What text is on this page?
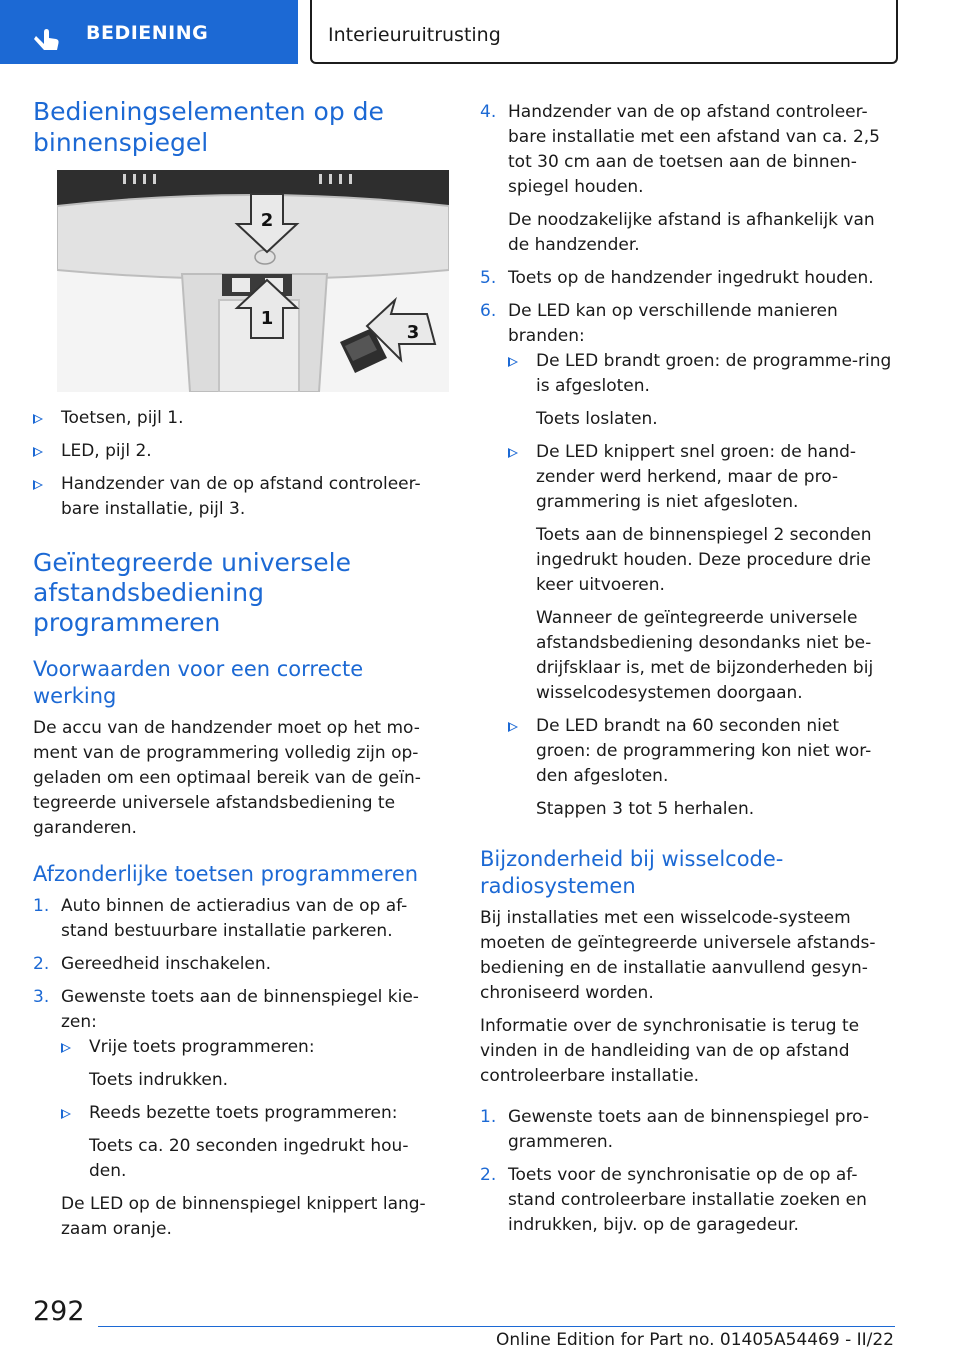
BEDIENING	Interieuruitrusting
Bedieningselementen op de binnenspiegel
2
1
3
Toetsen, pijl 1.
LED, pijl 2.
Handzender van de op afstand controleer-bare installatie, pijl 3.
Geïntegreerde universele afstandsbediening programmeren
Voorwaarden voor een correcte werking

De accu van de handzender moet op het mo-ment van de programmering volledig zijn op-geladen om een optimaal bereik van de geïn-tegreerde universele afstandsbediening te garanderen.

Afzonderlijke toetsen programmeren
1. Auto binnen de actieradius van de op af-stand bestuurbare installatie parkeren.
2. Gereedheid inschakelen.
3. Gewenste toets aan de binnenspiegel kie-zen:
Vrije toets programmeren:
Toets indrukken.
Reeds bezette toets programmeren:
Toets ca. 20 seconden ingedrukt hou-den.
De LED op de binnenspiegel knippert lang-zaam oranje.
4. Handzender van de op afstand controleer-bare installatie met een afstand van ca. 2,5 tot 30 cm aan de toetsen aan de binnen-spiegel houden.
De noodzakelijke afstand is afhankelijk van de handzender.
5. Toets op de handzender ingedrukt houden.
6. De LED kan op verschillende manieren branden:
De LED brandt groen: de programme-ring is afgesloten.
Toets loslaten.
De LED knippert snel groen: de hand-zender werd herkend, maar de pro-grammering is niet afgesloten.
Toets aan de binnenspiegel 2 seconden ingedrukt houden. Deze procedure drie keer uitvoeren.
Wanneer de geïntegreerde universele afstandsbediening desondanks niet be-drijfsklaar is, met de bijzonderheden bij wisselcodesystemen doorgaan.
De LED brandt na 60 seconden niet groen: de programmering kon niet wor-den afgesloten.
Stappen 3 tot 5 herhalen.
Bijzonderheid bij wisselcode-radiosystemen

Bij installaties met een wisselcode-systeem moeten de geïntegreerde universele afstands-bediening en de installatie aanvullend gesyn-chroniseerd worden.

Informatie over de synchronisatie is terug te vinden in de handleiding van de op afstand controleerbare installatie.

1. Gewenste toets aan de binnenspiegel pro-grammeren.
2. Toets voor de synchronisatie op de op af-stand controleerbare installatie zoeken en indrukken, bijv. op de garagedeur.
292
Online Edition for Part no. 01405A54469 - II/22
